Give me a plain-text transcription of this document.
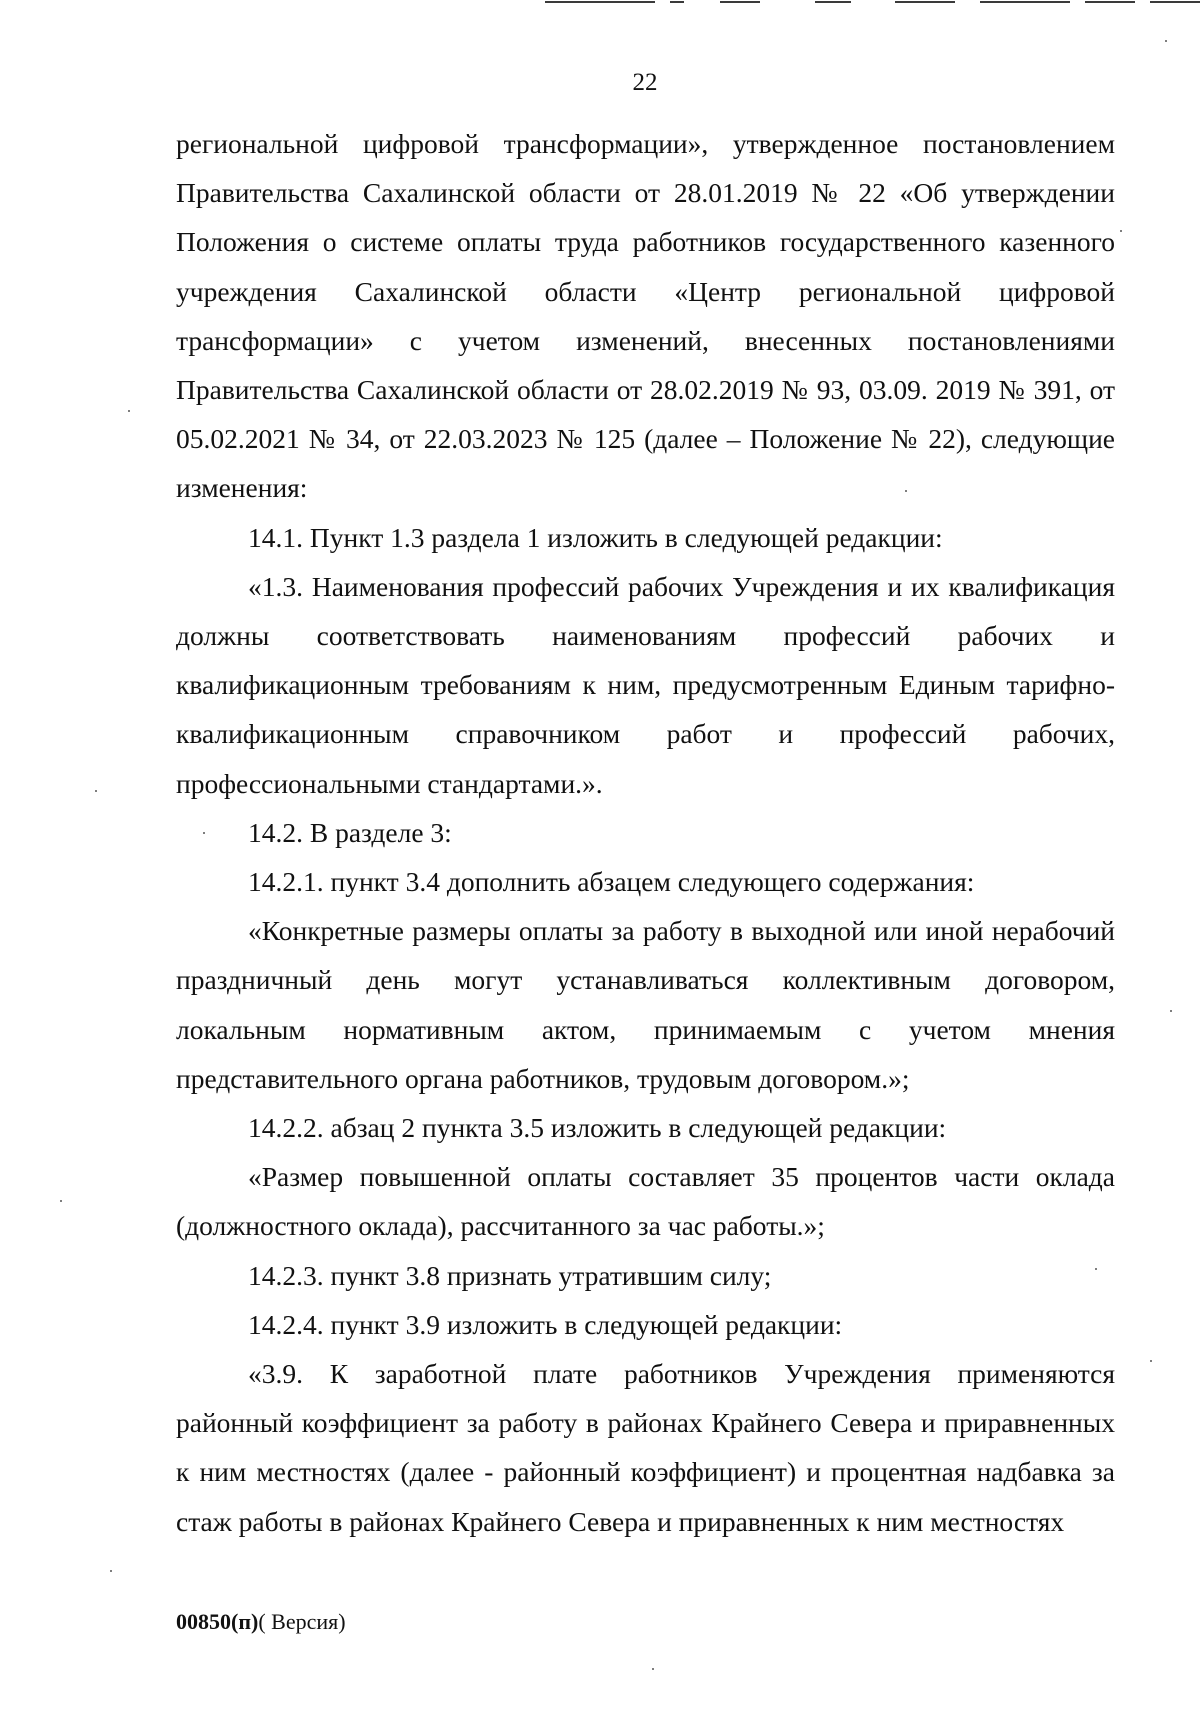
22

региональной цифровой трансформации», утвержденное постановлением Правительства Сахалинской области от 28.01.2019 № 22 «Об утверждении Положения о системе оплаты труда работников государственного казенного учреждения Сахалинской области «Центр региональной цифровой трансформации» с учетом изменений, внесенных постановлениями Правительства Сахалинской области от 28.02.2019 № 93, 03.09. 2019 № 391, от 05.02.2021 № 34, от 22.03.2023 № 125 (далее – Положение № 22), следующие изменения:

14.1. Пункт 1.3 раздела 1 изложить в следующей редакции:

«1.3. Наименования профессий рабочих Учреждения и их квалификация должны соответствовать наименованиям профессий рабочих и квалификационным требованиям к ним, предусмотренным Единым тарифно-квалификационным справочником работ и профессий рабочих, профессиональными стандартами.».

14.2. В разделе 3:

14.2.1. пункт 3.4 дополнить абзацем следующего содержания:

«Конкретные размеры оплаты за работу в выходной или иной нерабочий праздничный день могут устанавливаться коллективным договором, локальным нормативным актом, принимаемым с учетом мнения представительного органа работников, трудовым договором.»;

14.2.2. абзац 2 пункта 3.5 изложить в следующей редакции:

«Размер повышенной оплаты составляет 35 процентов части оклада (должностного оклада), рассчитанного за час работы.»;

14.2.3. пункт 3.8 признать утратившим силу;

14.2.4. пункт 3.9 изложить в следующей редакции:

«3.9. К заработной плате работников Учреждения применяются районный коэффициент за работу в районах Крайнего Севера и приравненных к ним местностях (далее - районный коэффициент) и процентная надбавка за стаж работы в районах Крайнего Севера и приравненных к ним местностях

00850(п)( Версия)
